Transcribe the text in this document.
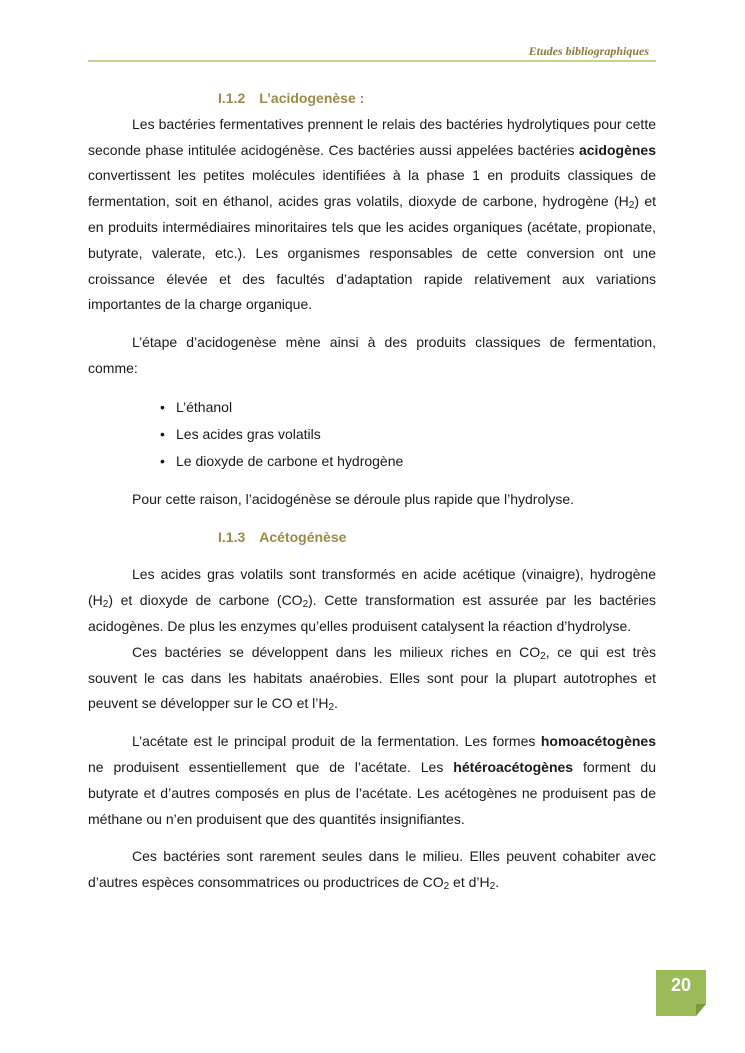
Etudes bibliographiques
I.1.2 L’acidogenèse :

Les bactéries fermentatives prennent le relais des bactéries hydrolytiques pour cette seconde phase intitulée acidogénèse. Ces bactéries aussi appelées bactéries acidogènes convertissent les petites molécules identifiées à la phase 1 en produits classiques de fermentation, soit en éthanol, acides gras volatils, dioxyde de carbone, hydrogène $(H_2)$ et en produits intermédiaires minoritaires tels que les acides organiques (acétate, propionate, butyrate, valerate, etc.). Les organismes responsables de cette conversion ont une croissance élevée et des facultés d’adaptation rapide relativement aux variations importantes de la charge organique.

L’étape d’acidogenèse mène ainsi à des produits classiques de fermentation, comme:

• L’éthanol
• Les acides gras volatils
• Le dioxyde de carbone et hydrogène

Pour cette raison, l’acidogénèse se déroule plus rapide que l’hydrolyse.

I.1.3 Acétogénèse

Les acides gras volatils sont transformés en acide acétique (vinaigre), hydrogène $(H_2)$ et dioxyde de carbone $(CO_2)$. Cette transformation est assurée par les bactéries acidogènes. De plus les enzymes qu’elles produisent catalysent la réaction d’hydrolyse.

Ces bactéries se développent dans les milieux riches en $CO_2$, ce qui est très souvent le cas dans les habitats anaérobies. Elles sont pour la plupart autotrophes et peuvent se développer sur le CO et $l’H_2$.

L’acétate est le principal produit de la fermentation. Les formes homoacétogènes ne produisent essentiellement que de l’acétate. Les hétéroacétogènes forment du butyrate et d’autres composés en plus de l’acétate. Les acétogènes ne produisent pas de méthane ou n’en produisent que des quantités insignifiantes.

Ces bactéries sont rarement seules dans le milieu. Elles peuvent cohabiter avec d’autres espèces consommatrices ou productrices de $CO_2$ et $d’H_2$.

20
